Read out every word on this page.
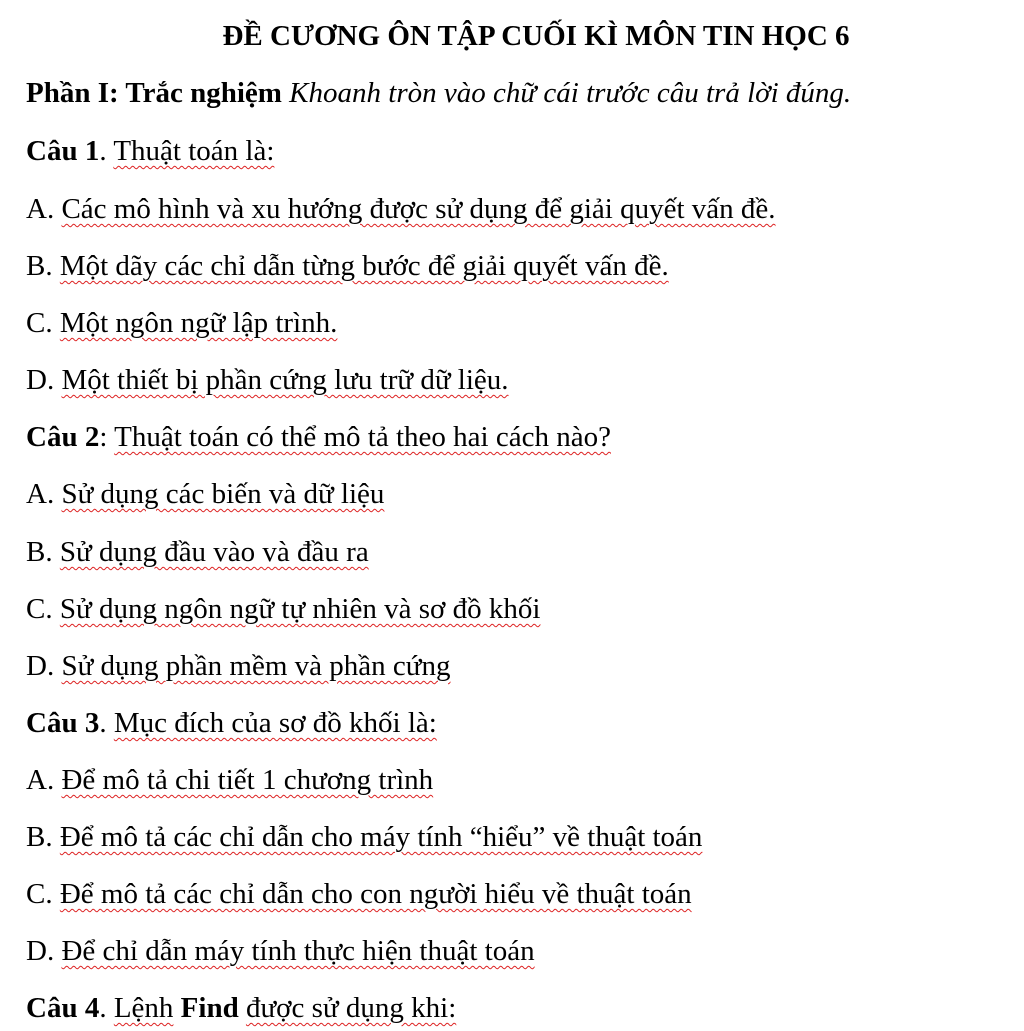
ĐỀ CƯƠNG ÔN TẬP CUỐI KÌ MÔN TIN HỌC 6
Phần I: Trắc nghiệm Khoanh tròn vào chữ cái trước câu trả lời đúng.
Câu 1. Thuật toán là:
A. Các mô hình và xu hướng được sử dụng để giải quyết vấn đề.
B. Một dãy các chỉ dẫn từng bước để giải quyết vấn đề.
C. Một ngôn ngữ lập trình.
D. Một thiết bị phần cứng lưu trữ dữ liệu.
Câu 2: Thuật toán có thể mô tả theo hai cách nào?
A. Sử dụng các biến và dữ liệu
B. Sử dụng đầu vào và đầu ra
C. Sử dụng ngôn ngữ tự nhiên và sơ đồ khối
D. Sử dụng phần mềm và phần cứng
Câu 3. Mục đích của sơ đồ khối là:
A. Để mô tả chi tiết 1 chương trình
B. Để mô tả các chỉ dẫn cho máy tính “hiểu” về thuật toán
C. Để mô tả các chỉ dẫn cho con người hiểu về thuật toán
D. Để chỉ dẫn máy tính thực hiện thuật toán
Câu 4. Lệnh Find được sử dụng khi:
